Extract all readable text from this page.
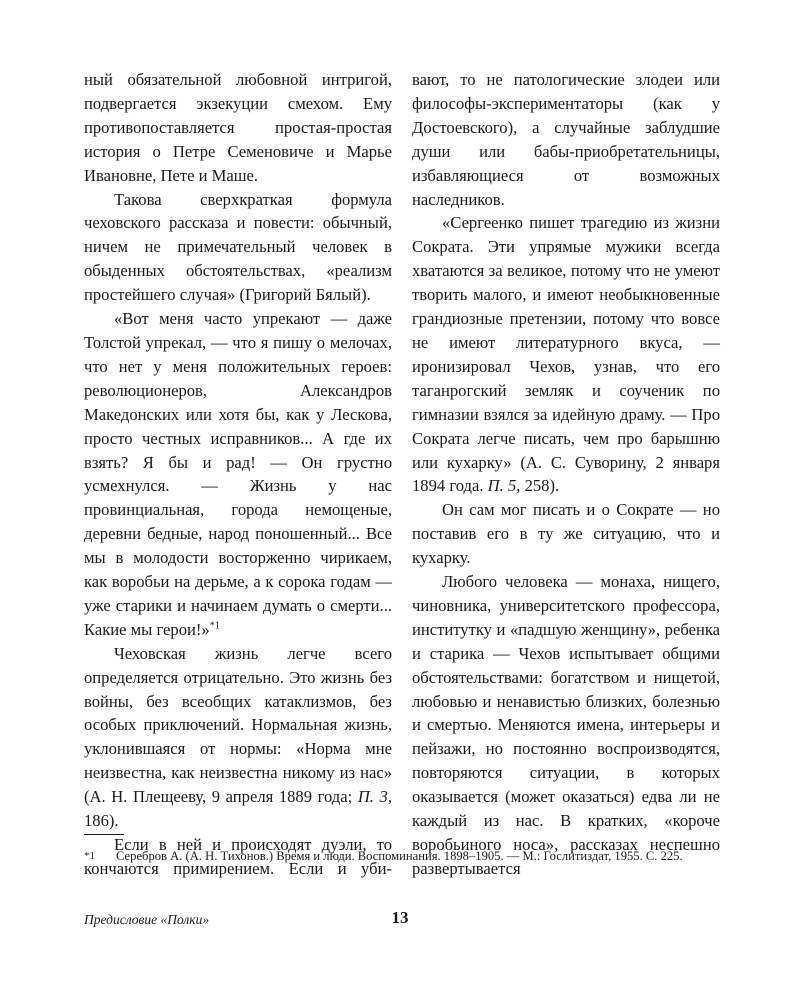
ный обязательной любовной интригой, подвергается экзекуции смехом. Ему противопоставляется простая-простая история о Петре Семеновиче и Марье Ивановне, Пете и Маше.

Такова сверхкраткая формула чеховского рассказа и повести: обычный, ничем не примечательный человек в обыденных обстоятельствах, «реализм простейшего случая» (Григорий Бялый).

«Вот меня часто упрекают — даже Толстой упрекал, — что я пишу о мелочах, что нет у меня положительных героев: революционеров, Александров Македонских или хотя бы, как у Лескова, просто честных исправников... А где их взять? Я бы и рад! — Он грустно усмехнулся. — Жизнь у нас провинциальная, города немощеные, деревни бедные, народ поношенный... Все мы в молодости восторженно чирикаем, как воробьи на дерьме, а к сорока годам — уже старики и начинаем думать о смерти... Какие мы герои!»$^{*1}$

Чеховская жизнь легче всего определяется отрицательно. Это жизнь без войны, без всеобщих катаклизмов, без особых приключений. Нормальная жизнь, уклонившаяся от нормы: «Норма мне неизвестна, как неизвестна никому из нас» (А. Н. Плещееву, 9 апреля 1889 года; П. 3, 186).

Если в ней и происходят дуэли, то кончаются примирением. Если и уби-

вают, то не патологические злодеи или философы-экспериментаторы (как у Достоевского), а случайные заблудшие души или бабы-приобретательницы, избавляющиеся от возможных наследников.

«Сергеенко пишет трагедию из жизни Сократа. Эти упрямые мужики всегда хватаются за великое, потому что не умеют творить малого, и имеют необыкновенные грандиозные претензии, потому что вовсе не имеют литературного вкуса, — иронизировал Чехов, узнав, что его таганрогский земляк и соученик по гимназии взялся за идейную драму. — Про Сократа легче писать, чем про барышню или кухарку» (А. С. Суворину, 2 января 1894 года. П. 5, 258).

Он сам мог писать и о Сократе — но поставив его в ту же ситуацию, что и кухарку.

Любого человека — монаха, нищего, чиновника, университетского профессора, институтку и «падшую женщину», ребенка и старика — Чехов испытывает общими обстоятельствами: богатством и нищетой, любовью и ненавистью близких, болезнью и смертью. Меняются имена, интерьеры и пейзажи, но постоянно воспроизводятся, повторяются ситуации, в которых оказывается (может оказаться) едва ли не каждый из нас. В кратких, «короче воробьиного носа», рассказах неспешно развертывается

*1 Серебров А. (А. Н. Тихонов.) Время и люди. Воспоминания. 1898–1905. — М.: Гослитиздат, 1955. С. 225.
Предисловие «Полки»	13
